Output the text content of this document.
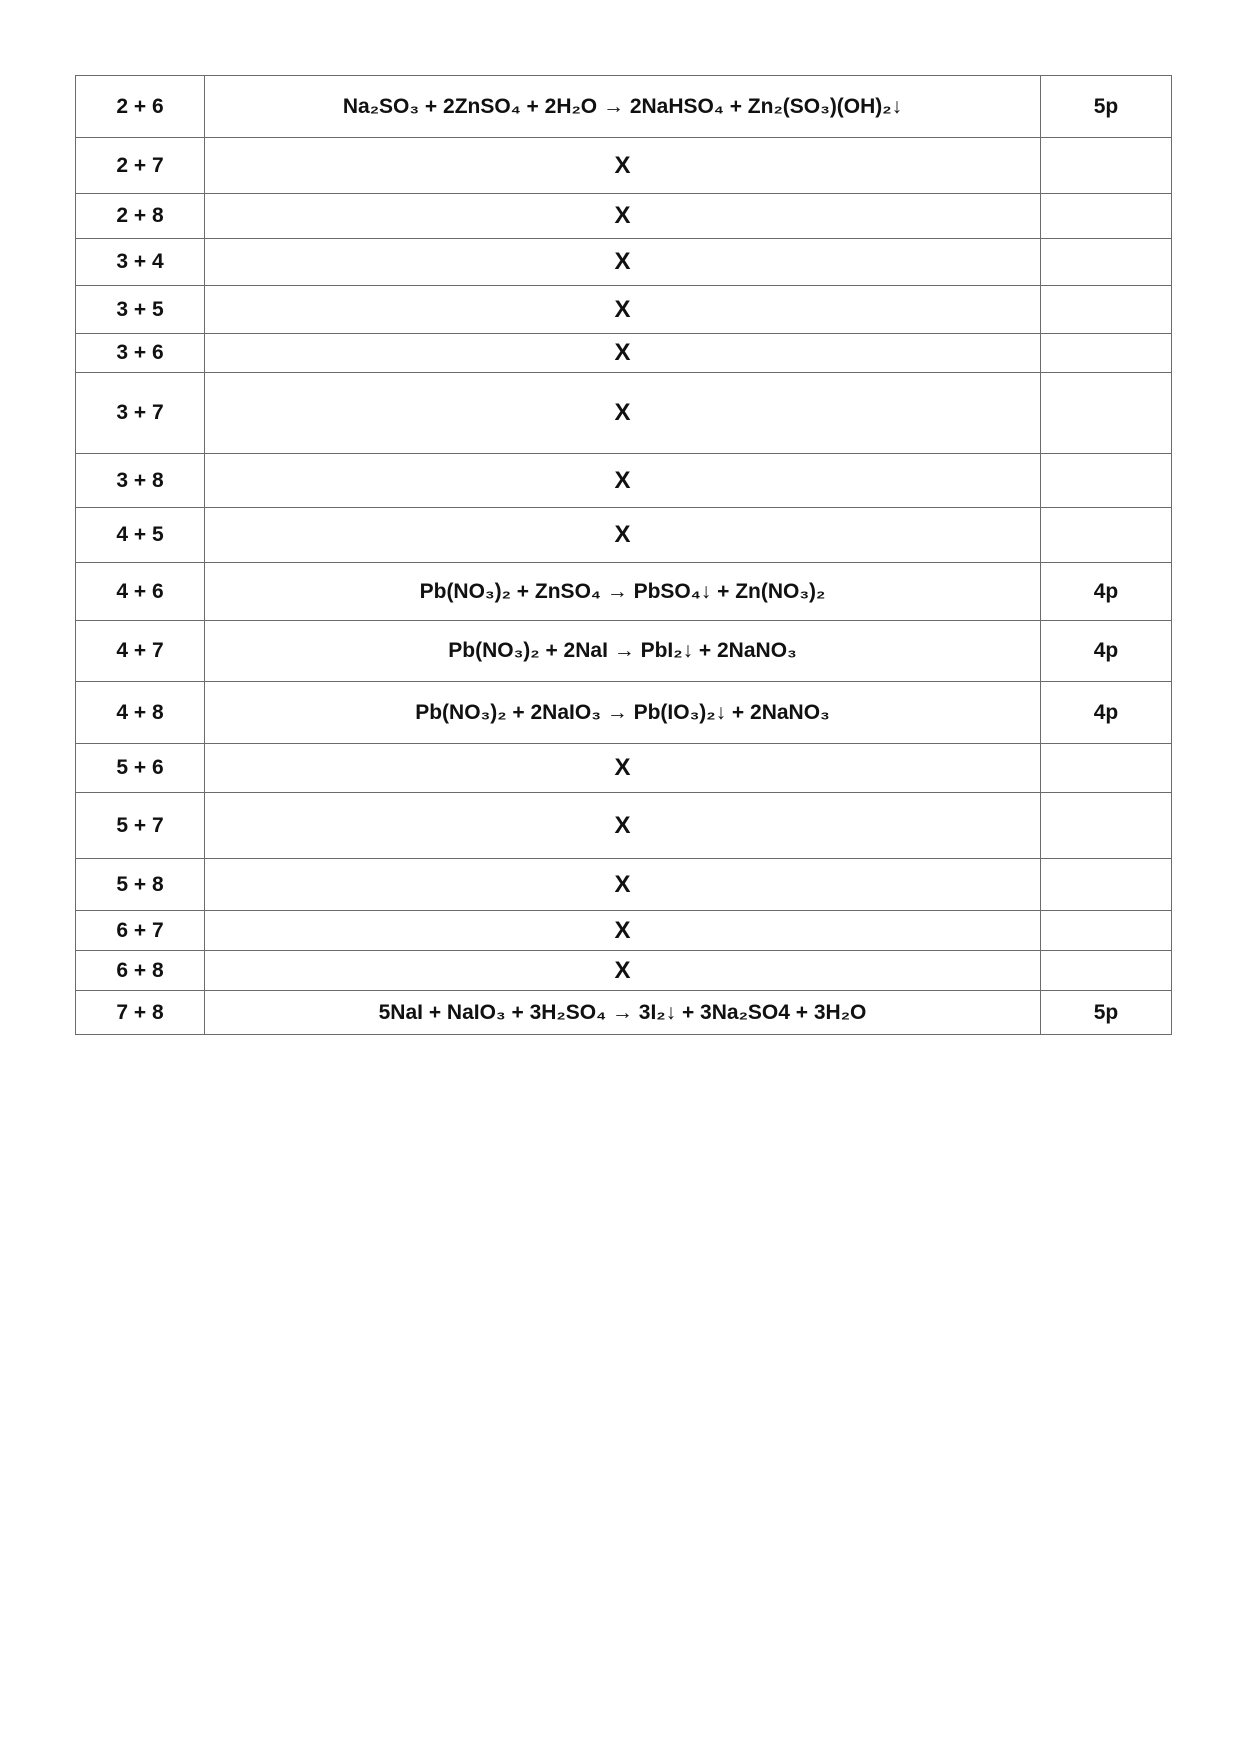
2 + 6	Na₂SO₃ + 2ZnSO₄ + 2H₂O → 2NaHSO₄ + Zn₂(SO₃)(OH)₂↓	5p
2 + 7	X	
2 + 8	X	
3 + 4	X	
3 + 5	X	
3 + 6	X	
3 + 7	X	
3 + 8	X	
4 + 5	X	
4 + 6	Pb(NO₃)₂ + ZnSO₄ → PbSO₄↓ + Zn(NO₃)₂	4p
4 + 7	Pb(NO₃)₂ + 2NaI → PbI₂↓ + 2NaNO₃	4p
4 + 8	Pb(NO₃)₂ + 2NaIO₃ → Pb(IO₃)₂↓ + 2NaNO₃	4p
5 + 6	X	
5 + 7	X	
5 + 8	X	
6 + 7	X	
6 + 8	X	
7 + 8	5NaI + NaIO₃ + 3H₂SO₄ → 3I₂↓ + 3Na₂SO4 + 3H₂O	5p
